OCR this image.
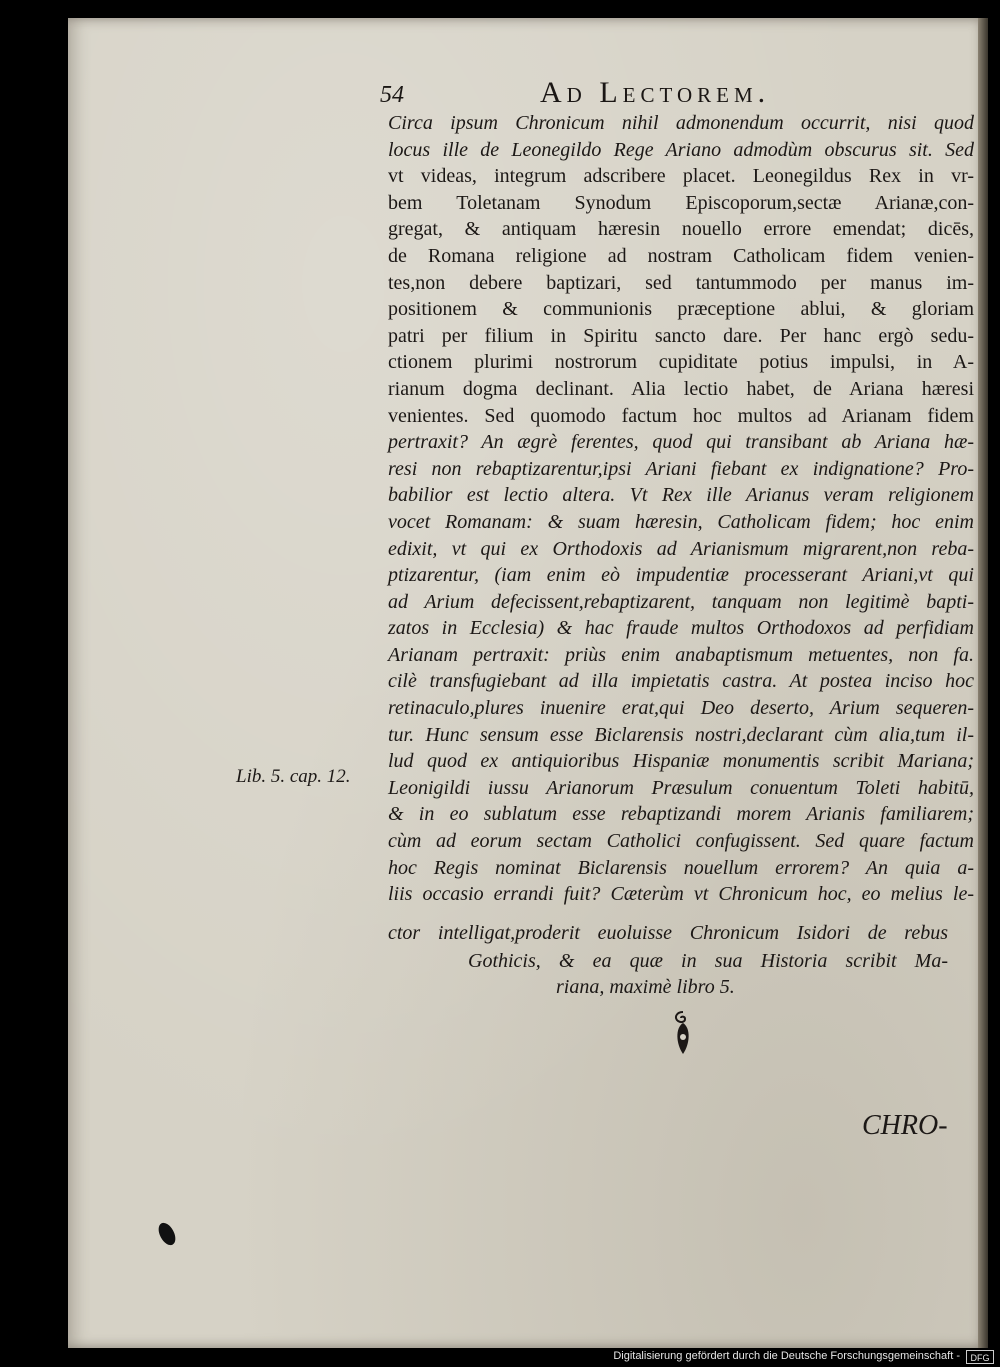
54	Ad Lectorem.
Circa ipsum Chronicum nihil admonendum occurrit, nisi quod
locus ille de Leonegildo Rege Ariano admodùm obscurus sit. Sed
vt videas, integrum adscribere placet. Leonegildus Rex in vr-
bem Toletanam Synodum Episcoporum,sectæ Arianæ,con-
gregat, & antiquam hæresin nouello errore emendat; dicēs,
de Romana religione ad nostram Catholicam fidem venien-
tes,non debere baptizari, sed tantummodo per manus im-
positionem & communionis præceptione ablui, & gloriam
patri per filium in Spiritu sancto dare. Per hanc ergò sedu-
ctionem plurimi nostrorum cupiditate potius impulsi, in A-
rianum dogma declinant. Alia lectio habet, de Ariana hæresi
venientes. Sed quomodo factum hoc multos ad Arianam fidem
pertraxit? An ægrè ferentes, quod qui transibant ab Ariana hæ-
resi non rebaptizarentur,ipsi Ariani fiebant ex indignatione? Pro-
babilior est lectio altera. Vt Rex ille Arianus veram religionem
vocet Romanam: & suam hæresin, Catholicam fidem; hoc enim
edixit, vt qui ex Orthodoxis ad Arianismum migrarent,non reba-
ptizarentur, (iam enim eò impudentiæ processerant Ariani,vt qui
ad Arium defecissent,rebaptizarent, tanquam non legitimè bapti-
zatos in Ecclesia) & hac fraude multos Orthodoxos ad perfidiam
Arianam pertraxit: priùs enim anabaptismum metuentes, non fa.
cilè transfugiebant ad illa impietatis castra. At postea inciso hoc
retinaculo,plures inuenire erat,qui Deo deserto, Arium sequeren-
tur. Hunc sensum esse Biclarensis nostri,declarant cùm alia,tum il-
lud quod ex antiquioribus Hispaniæ monumentis scribit Mariana;
Leonigildi iussu Arianorum Præsulum conuentum Toleti habitū,
& in eo sublatum esse rebaptizandi morem Arianis familiarem;
cùm ad eorum sectam Catholici confugissent. Sed quare factum
hoc Regis nominat Biclarensis nouellum errorem? An quia a-
liis occasio errandi fuit? Cæterùm vt Chronicum hoc, eo melius le-
ctor intelligat,proderit euoluisse Chronicum Isidori de rebus
Gothicis, & ea quæ in sua Historia scribit Ma-
riana, maximè libro 5.
Lib. 5. cap. 12.
CHRO-
Digitalisierung gefördert durch die Deutsche Forschungsgemeinschaft -	DFG
